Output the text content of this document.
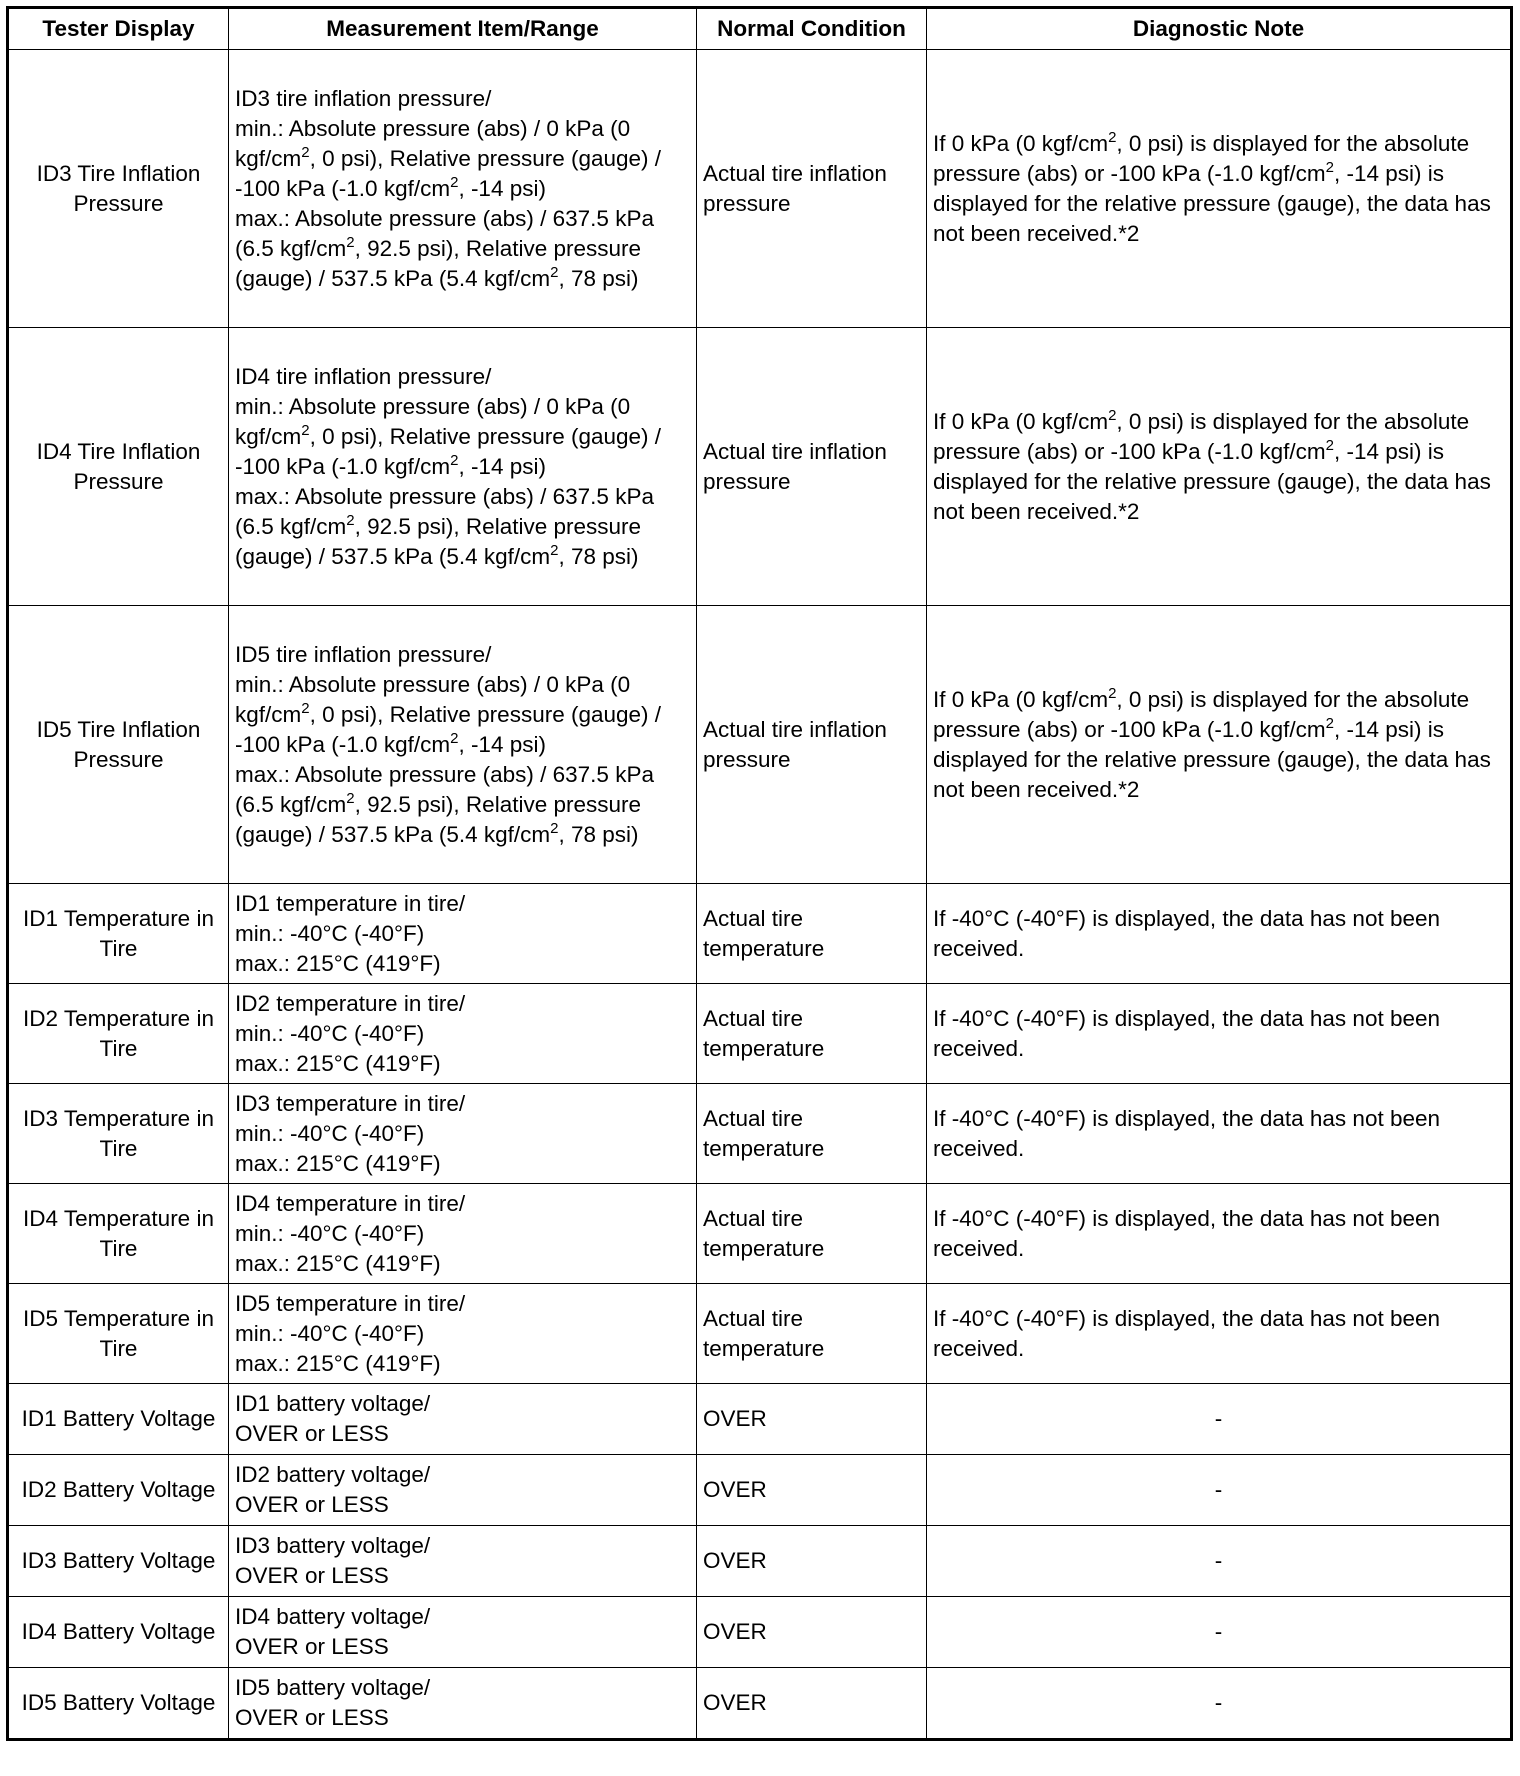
Tester Display	Measurement Item/Range	Normal Condition	Diagnostic Note
ID3 Tire Inflation Pressure	ID3 tire inflation pressure/
min.: Absolute pressure (abs) / 0 kPa (0 kgf/$cm^2$, 0 psi), Relative pressure (gauge) / -100 kPa (-1.0 kgf/$cm^2$, -14 psi)
max.: Absolute pressure (abs) / 637.5 kPa (6.5 kgf/$cm^2$, 92.5 psi), Relative pressure (gauge) / 537.5 kPa (5.4 kgf/$cm^2$, 78 psi)	Actual tire inflation pressure	If 0 kPa (0 kgf/$cm^2$, 0 psi) is displayed for the absolute pressure (abs) or -100 kPa (-1.0 kgf/$cm^2$, -14 psi) is displayed for the relative pressure (gauge), the data has not been received.*2
ID4 Tire Inflation Pressure	ID4 tire inflation pressure/
min.: Absolute pressure (abs) / 0 kPa (0 kgf/$cm^2$, 0 psi), Relative pressure (gauge) / -100 kPa (-1.0 kgf/$cm^2$, -14 psi)
max.: Absolute pressure (abs) / 637.5 kPa (6.5 kgf/$cm^2$, 92.5 psi), Relative pressure (gauge) / 537.5 kPa (5.4 kgf/$cm^2$, 78 psi)	Actual tire inflation pressure	If 0 kPa (0 kgf/$cm^2$, 0 psi) is displayed for the absolute pressure (abs) or -100 kPa (-1.0 kgf/$cm^2$, -14 psi) is displayed for the relative pressure (gauge), the data has not been received.*2
ID5 Tire Inflation Pressure	ID5 tire inflation pressure/
min.: Absolute pressure (abs) / 0 kPa (0 kgf/$cm^2$, 0 psi), Relative pressure (gauge) / -100 kPa (-1.0 kgf/$cm^2$, -14 psi)
max.: Absolute pressure (abs) / 637.5 kPa (6.5 kgf/$cm^2$, 92.5 psi), Relative pressure (gauge) / 537.5 kPa (5.4 kgf/$cm^2$, 78 psi)	Actual tire inflation pressure	If 0 kPa (0 kgf/$cm^2$, 0 psi) is displayed for the absolute pressure (abs) or -100 kPa (-1.0 kgf/$cm^2$, -14 psi) is displayed for the relative pressure (gauge), the data has not been received.*2
ID1 Temperature in Tire	ID1 temperature in tire/
min.: -40°C (-40°F)
max.: 215°C (419°F)	Actual tire temperature	If -40°C (-40°F) is displayed, the data has not been received.
ID2 Temperature in Tire	ID2 temperature in tire/
min.: -40°C (-40°F)
max.: 215°C (419°F)	Actual tire temperature	If -40°C (-40°F) is displayed, the data has not been received.
ID3 Temperature in Tire	ID3 temperature in tire/
min.: -40°C (-40°F)
max.: 215°C (419°F)	Actual tire temperature	If -40°C (-40°F) is displayed, the data has not been received.
ID4 Temperature in Tire	ID4 temperature in tire/
min.: -40°C (-40°F)
max.: 215°C (419°F)	Actual tire temperature	If -40°C (-40°F) is displayed, the data has not been received.
ID5 Temperature in Tire	ID5 temperature in tire/
min.: -40°C (-40°F)
max.: 215°C (419°F)	Actual tire temperature	If -40°C (-40°F) is displayed, the data has not been received.
ID1 Battery Voltage	ID1 battery voltage/
OVER or LESS	OVER	-
ID2 Battery Voltage	ID2 battery voltage/
OVER or LESS	OVER	-
ID3 Battery Voltage	ID3 battery voltage/
OVER or LESS	OVER	-
ID4 Battery Voltage	ID4 battery voltage/
OVER or LESS	OVER	-
ID5 Battery Voltage	ID5 battery voltage/
OVER or LESS	OVER	-
